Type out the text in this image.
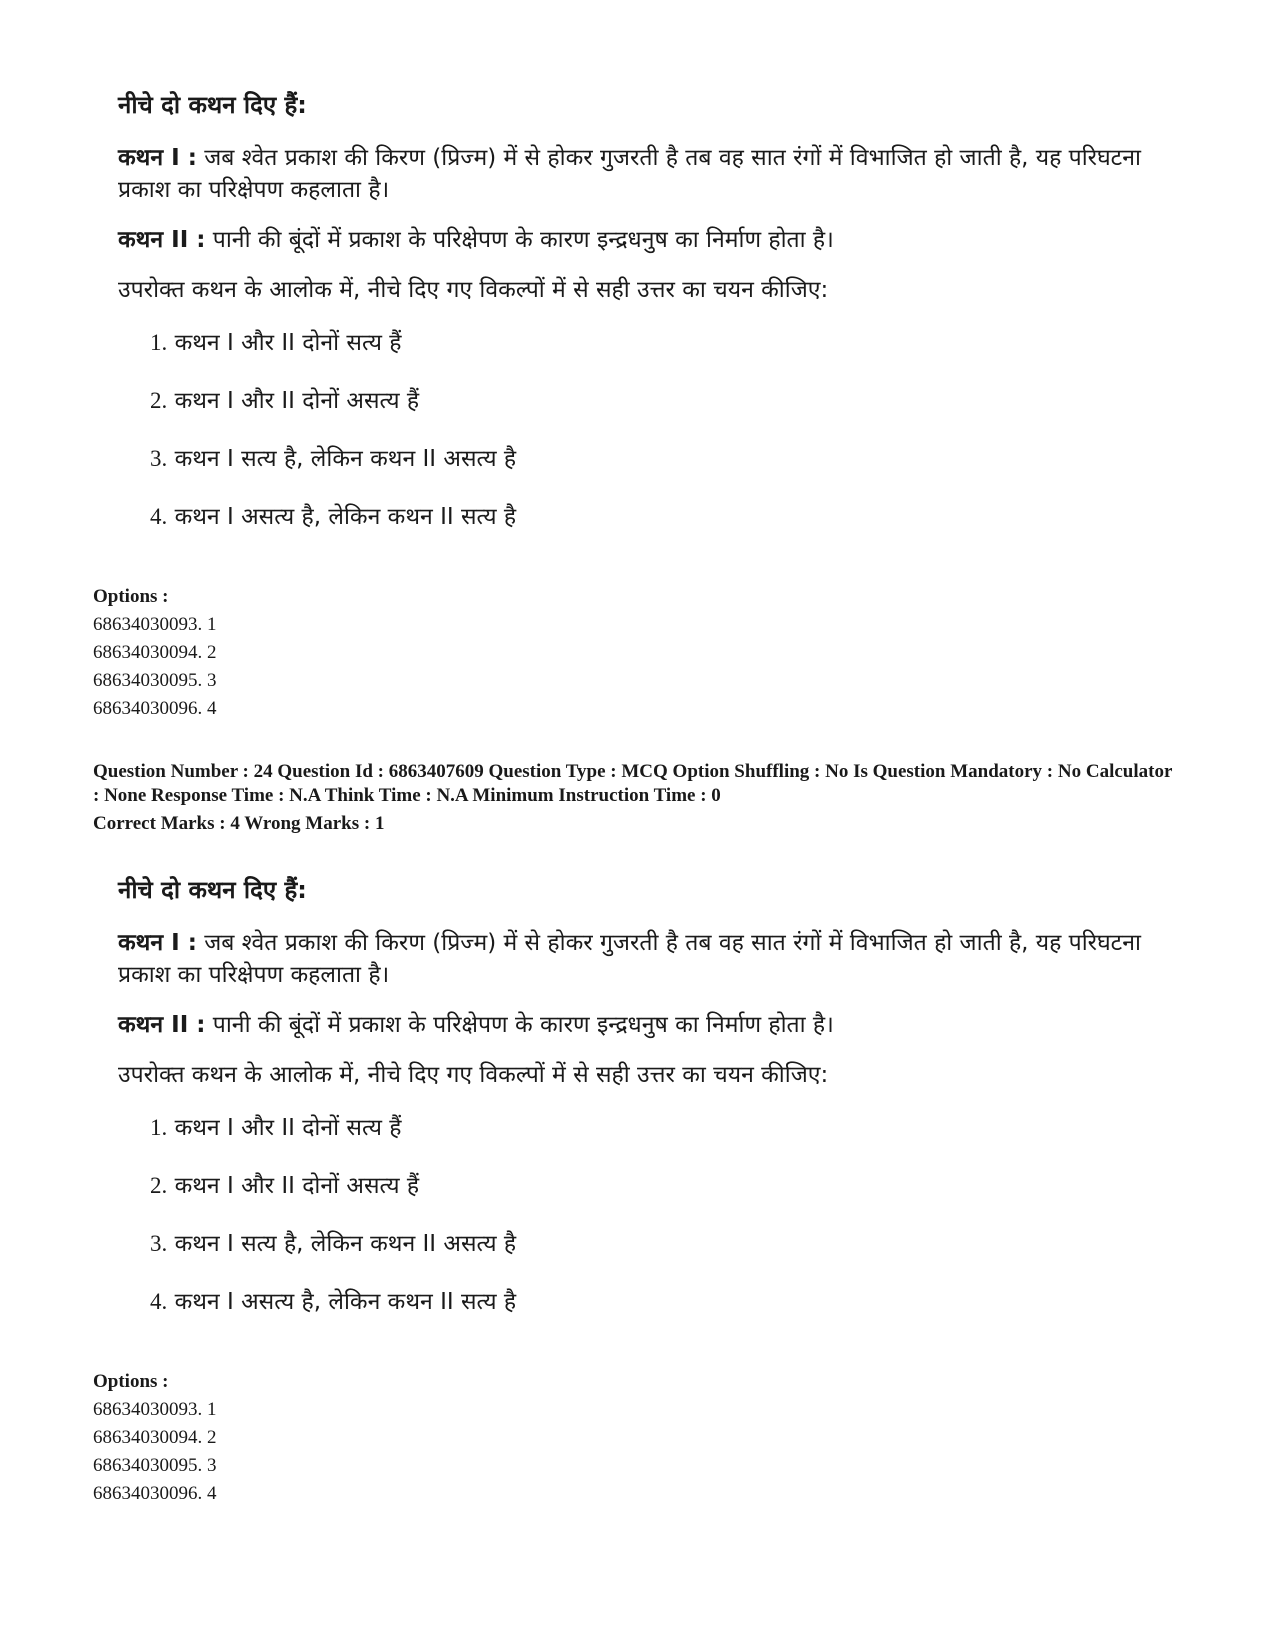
नीचे दो कथन दिए हैं:

कथन I : जब श्वेत प्रकाश की किरण (प्रिज्म) में से होकर गुजरती है तब वह सात रंगों में विभाजित हो जाती है, यह परिघटना प्रकाश का परिक्षेपण कहलाता है।

कथन II : पानी की बूंदों में प्रकाश के परिक्षेपण के कारण इन्द्रधनुष का निर्माण होता है।

उपरोक्त कथन के आलोक में, नीचे दिए गए विकल्पों में से सही उत्तर का चयन कीजिए:

1. कथन I और II दोनों सत्य हैं
2. कथन I और II दोनों असत्य हैं
3. कथन I सत्य है, लेकिन कथन II असत्य है
4. कथन I असत्य है, लेकिन कथन II सत्य है
Options :
68634030093. 1
68634030094. 2
68634030095. 3
68634030096. 4
Question Number : 24 Question Id : 6863407609 Question Type : MCQ Option Shuffling : No Is Question Mandatory : No Calculator : None Response Time : N.A Think Time : N.A Minimum Instruction Time : 0
Correct Marks : 4 Wrong Marks : 1
नीचे दो कथन दिए हैं:

कथन I : जब श्वेत प्रकाश की किरण (प्रिज्म) में से होकर गुजरती है तब वह सात रंगों में विभाजित हो जाती है, यह परिघटना प्रकाश का परिक्षेपण कहलाता है।

कथन II : पानी की बूंदों में प्रकाश के परिक्षेपण के कारण इन्द्रधनुष का निर्माण होता है।

उपरोक्त कथन के आलोक में, नीचे दिए गए विकल्पों में से सही उत्तर का चयन कीजिए:

1. कथन I और II दोनों सत्य हैं
2. कथन I और II दोनों असत्य हैं
3. कथन I सत्य है, लेकिन कथन II असत्य है
4. कथन I असत्य है, लेकिन कथन II सत्य है
Options :
68634030093. 1
68634030094. 2
68634030095. 3
68634030096. 4
